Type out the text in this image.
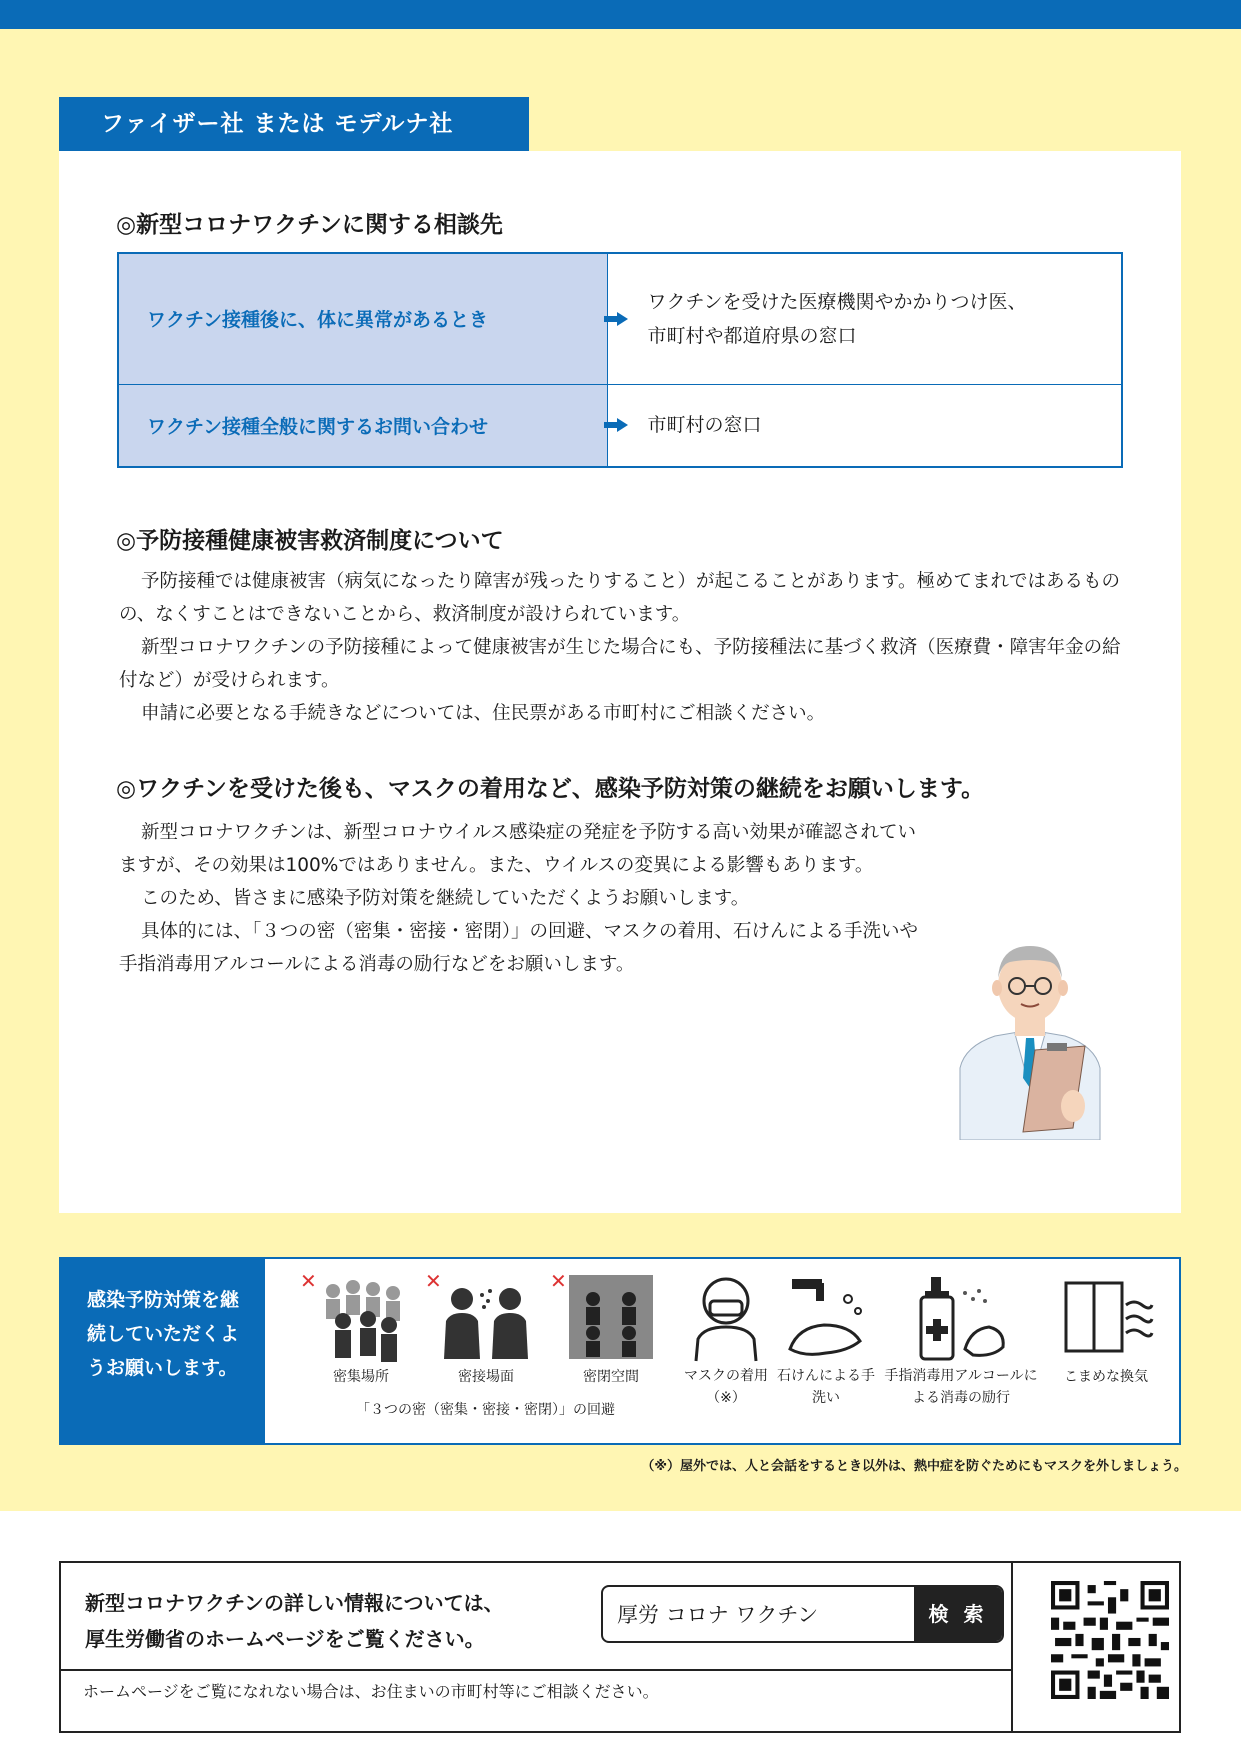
ファイザー社 または モデルナ社
◎新型コロナワクチンに関する相談先
ワクチン接種後に、体に異常があるとき	ワクチンを受けた医療機関やかかりつけ医、
市町村や都道府県の窓口

ワクチン接種全般に関するお問い合わせ	市町村の窓口
◎予防接種健康被害救済制度について

予防接種では健康被害（病気になったり障害が残ったりすること）が起こることがあります。極めてまれではあるものの、なくすことはできないことから、救済制度が設けられています。

新型コロナワクチンの予防接種によって健康被害が生じた場合にも、予防接種法に基づく救済（医療費・障害年金の給付など）が受けられます。

申請に必要となる手続きなどについては、住民票がある市町村にご相談ください。

◎ワクチンを受けた後も、マスクの着用など、感染予防対策の継続をお願いします。

新型コロナワクチンは、新型コロナウイルス感染症の発症を予防する高い効果が確認されていますが、その効果は100%ではありません。また、ウイルスの変異による影響もあります。

このため、皆さまに感染予防対策を継続していただくようお願いします。

具体的には、「３つの密（密集・密接・密閉）」の回避、マスクの着用、石けんによる手洗いや手指消毒用アルコールによる消毒の励行などをお願いします。

感染予防対策を継続していただくようお願いします。
✕
密集場所
✕
密接場面
✕
密閉空間	マスクの着用（※）
石けんによる手洗い
手指消毒用アルコールによる消毒の励行
こまめな換気
「３つの密（密集・密接・密閉）」の回避
（※）屋外では、人と会話をするとき以外は、熱中症を防ぐためにもマスクを外しましょう。
新型コロナワクチンの詳しい情報については、
厚生労働省のホームページをご覧ください。
厚労 コロナ ワクチン	検 索
ホームページをご覧になれない場合は、お住まいの市町村等にご相談ください。
